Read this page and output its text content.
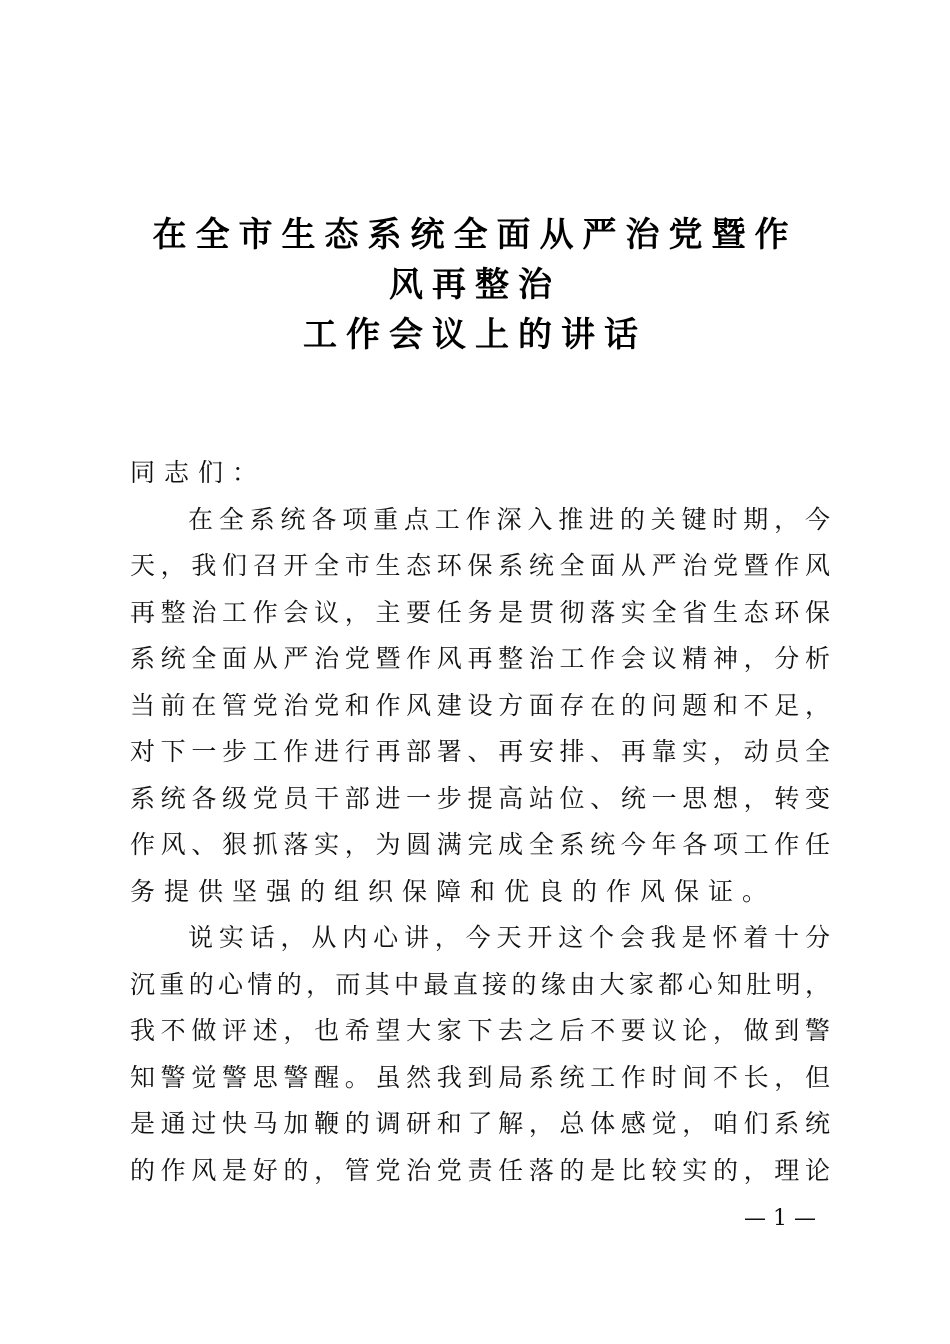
在全市生态系统全面从严治党暨作
风再整治
工作会议上的讲话
同志们：
在全系统各项重点工作深入推进的关键时期，今
天，我们召开全市生态环保系统全面从严治党暨作风
再整治工作会议，主要任务是贯彻落实全省生态环保
系统全面从严治党暨作风再整治工作会议精神，分析
当前在管党治党和作风建设方面存在的问题和不足，
对下一步工作进行再部署、再安排、再靠实，动员全
系统各级党员干部进一步提高站位、统一思想，转变
作风、狠抓落实，为圆满完成全系统今年各项工作任
务提供坚强的组织保障和优良的作风保证。
说实话，从内心讲，今天开这个会我是怀着十分
沉重的心情的，而其中最直接的缘由大家都心知肚明，
我不做评述，也希望大家下去之后不要议论，做到警
知警觉警思警醒。虽然我到局系统工作时间不长，但
是通过快马加鞭的调研和了解，总体感觉，咱们系统
的作风是好的，管党治党责任落的是比较实的，理论
— 1 —
